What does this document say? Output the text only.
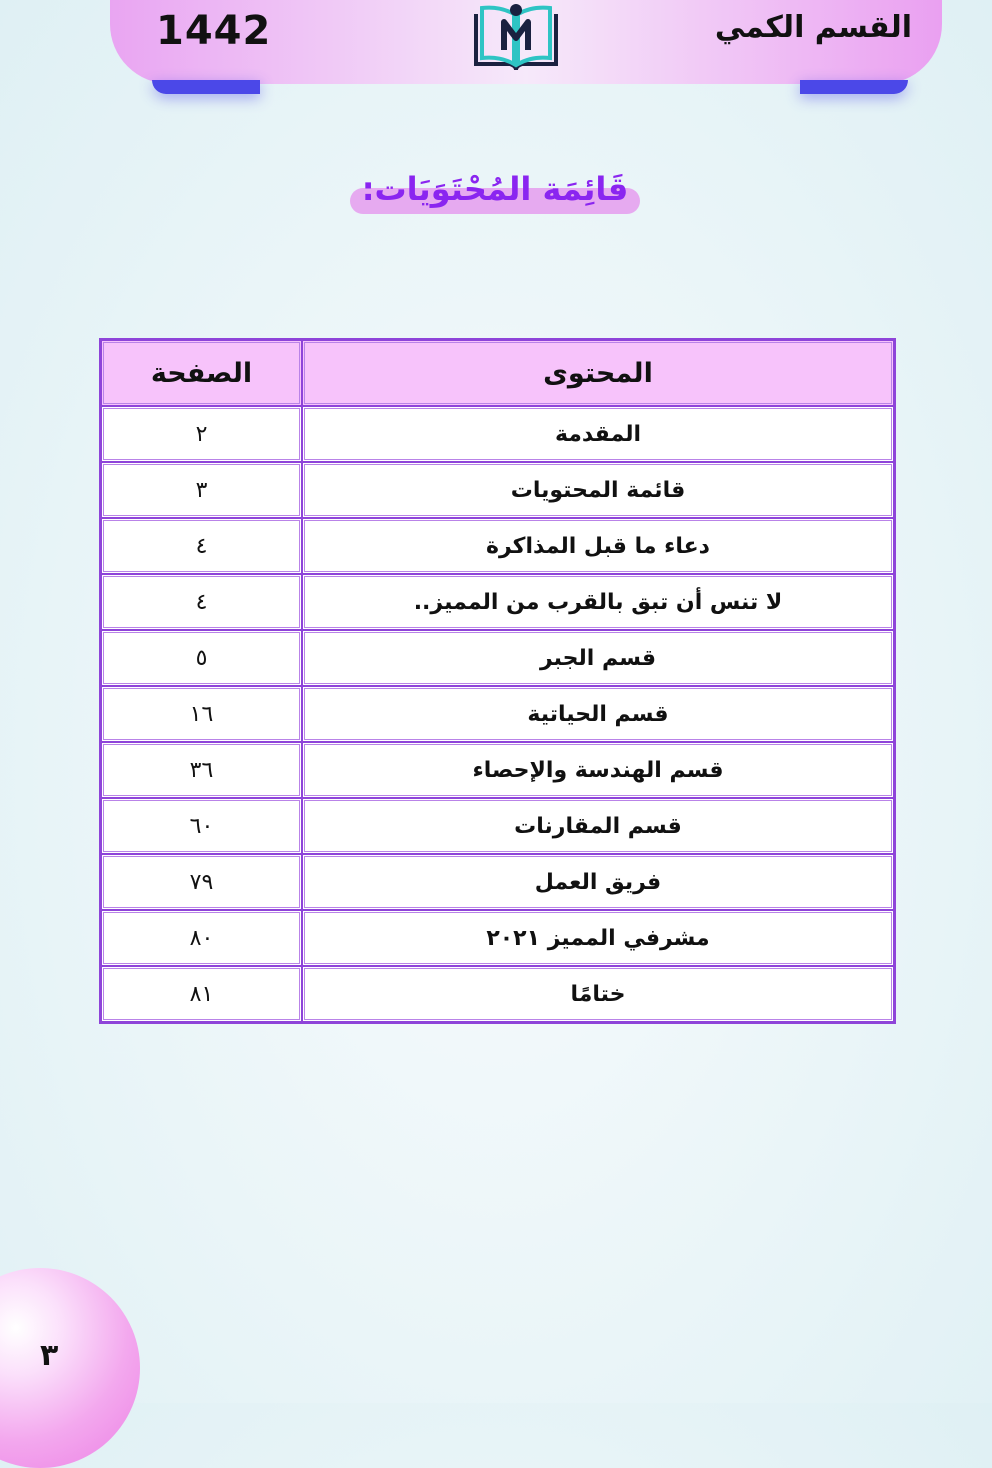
1442	القسم الكمي
قَائِمَة المُحْتَوَيَات:
المحتوى	الصفحة
المقدمة	٢
قائمة المحتويات	٣
دعاء ما قبل المذاكرة	٤
لا تنس أن تبق بالقرب من المميز..	٤
قسم الجبر	٥
قسم الحياتية	١٦
قسم الهندسة والإحصاء	٣٦
قسم المقارنات	٦٠
فريق العمل	٧٩
مشرفي المميز ٢٠٢١	٨٠
ختامًا	٨١
٣
